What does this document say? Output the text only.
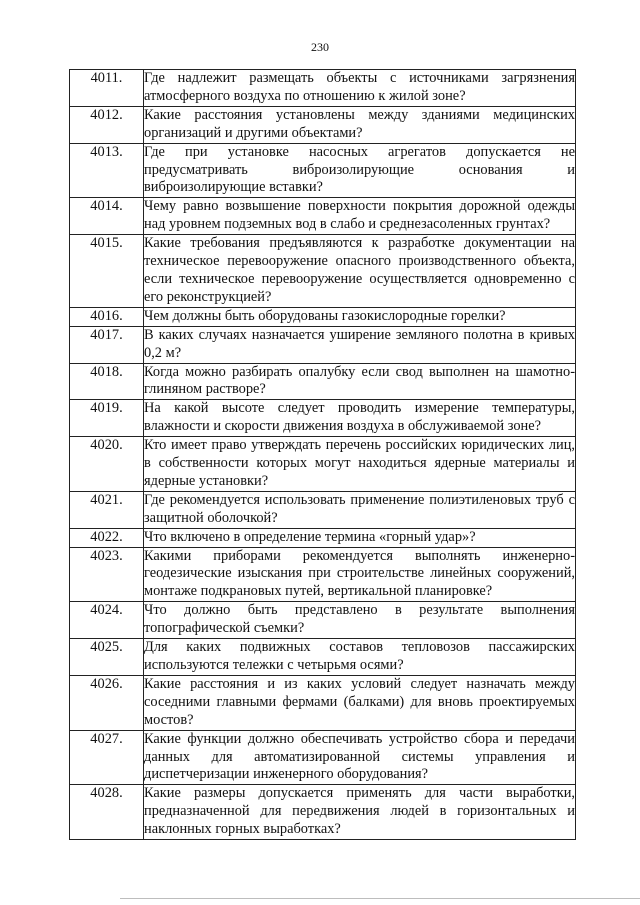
230
4011.	Где надлежит размещать объекты с источниками загрязнения атмосферного воздуха по отношению к жилой зоне?
4012.	Какие расстояния установлены между зданиями медицинских организаций и другими объектами?
4013.	Где при установке насосных агрегатов допускается не предусматривать виброизолирующие основания и виброизолирующие вставки?
4014.	Чему равно возвышение поверхности покрытия дорожной одежды над уровнем подземных вод в слабо и среднезасоленных грунтах?
4015.	Какие требования предъявляются к разработке документации на техническое перевооружение опасного производственного объекта, если техническое перевооружение осуществляется одновременно с его реконструкцией?
4016.	Чем должны быть оборудованы газокислородные горелки?
4017.	В каких случаях назначается уширение земляного полотна в кривых 0,2 м?
4018.	Когда можно разбирать опалубку если свод выполнен на шамотно-глиняном растворе?
4019.	На какой высоте следует проводить измерение температуры, влажности и скорости движения воздуха в обслуживаемой зоне?
4020.	Кто имеет право утверждать перечень российских юридических лиц, в собственности которых могут находиться ядерные материалы и ядерные установки?
4021.	Где рекомендуется использовать применение полиэтиленовых труб с защитной оболочкой?
4022.	Что включено в определение термина «горный удар»?
4023.	Какими приборами рекомендуется выполнять инженерно-геодезические изыскания при строительстве линейных сооружений, монтаже подкрановых путей, вертикальной планировке?
4024.	Что должно быть представлено в результате выполнения топографической съемки?
4025.	Для каких подвижных составов тепловозов пассажирских используются тележки с четырьмя осями?
4026.	Какие расстояния и из каких условий следует назначать между соседними главными фермами (балками) для вновь проектируемых мостов?
4027.	Какие функции должно обеспечивать устройство сбора и передачи данных для автоматизированной системы управления и диспетчеризации инженерного оборудования?
4028.	Какие размеры допускается применять для части выработки, предназначенной для передвижения людей в горизонтальных и наклонных горных выработках?
